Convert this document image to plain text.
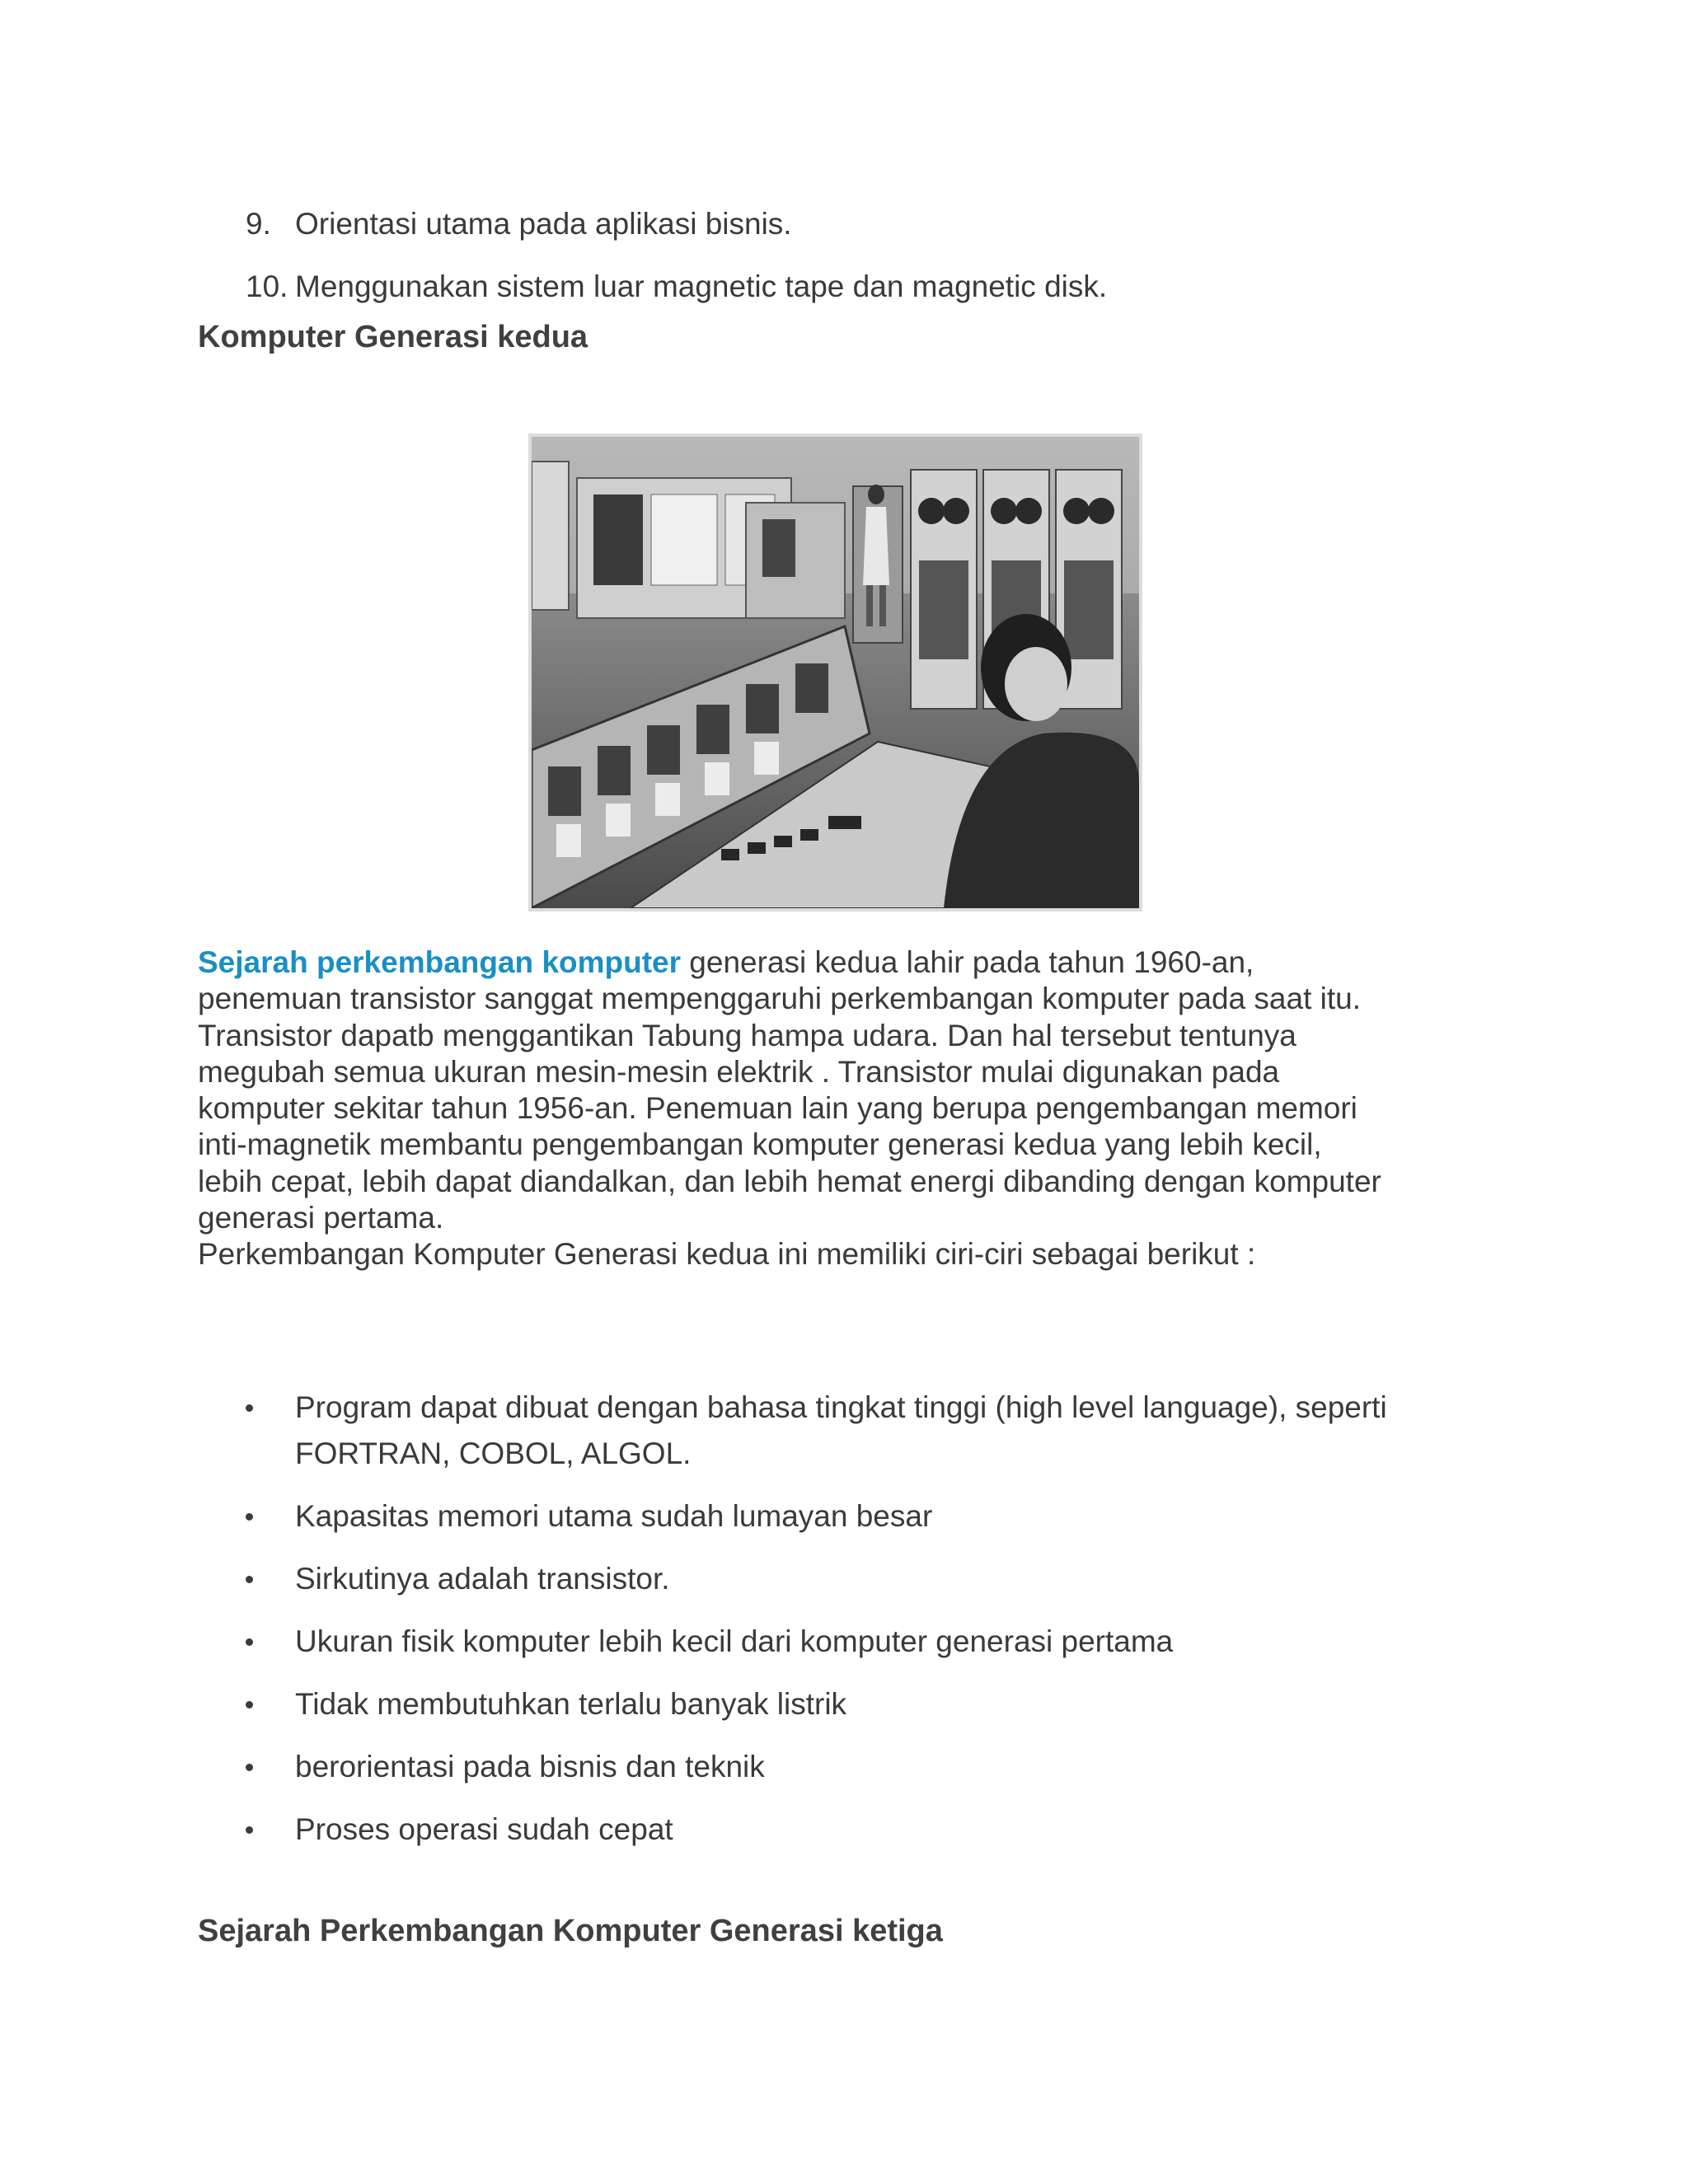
9. Orientasi utama pada aplikasi bisnis.
10. Menggunakan sistem luar magnetic tape dan magnetic disk.
Komputer Generasi kedua
Sejarah perkembangan komputer generasi kedua lahir pada tahun 1960-an,
penemuan transistor sanggat mempenggaruhi perkembangan komputer pada saat itu.
Transistor dapatb menggantikan Tabung hampa udara. Dan hal tersebut tentunya
megubah semua ukuran mesin-mesin elektrik . Transistor mulai digunakan pada
komputer sekitar tahun 1956-an. Penemuan lain yang berupa pengembangan memori
inti-magnetik membantu pengembangan komputer generasi kedua yang lebih kecil,
lebih cepat, lebih dapat diandalkan, dan lebih hemat energi dibanding dengan komputer
generasi pertama.
Perkembangan Komputer Generasi kedua ini memiliki ciri-ciri sebagai berikut :
Program dapat dibuat dengan bahasa tingkat tinggi (high level language), seperti
FORTRAN, COBOL, ALGOL.
Kapasitas memori utama sudah lumayan besar
Sirkutinya adalah transistor.
Ukuran fisik komputer lebih kecil dari komputer generasi pertama
Tidak membutuhkan terlalu banyak listrik
berorientasi pada bisnis dan teknik
Proses operasi sudah cepat
Sejarah Perkembangan Komputer Generasi ketiga
